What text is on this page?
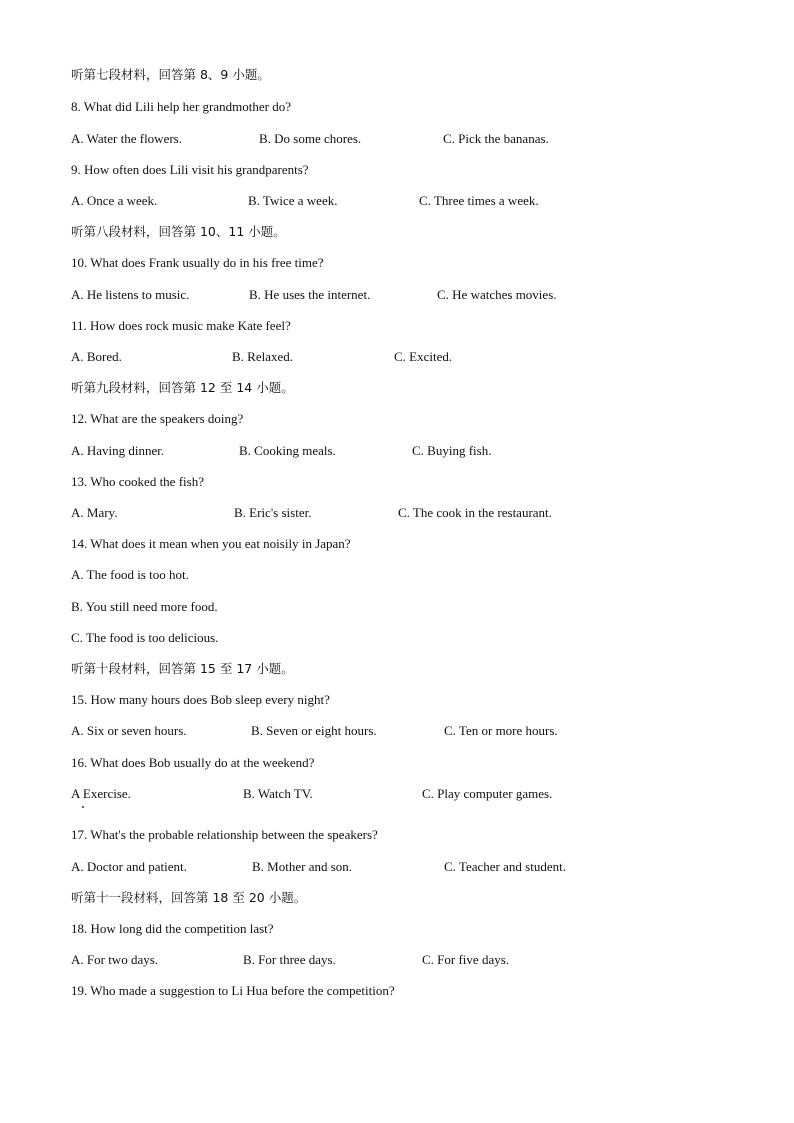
听第七段材料，回答第 8、9 小题。
8. What did Lili help her grandmother do?
A. Water the flowers.	B. Do some chores.	C. Pick the bananas.
9. How often does Lili visit his grandparents?
A. Once a week.	B. Twice a week.	C. Three times a week.
听第八段材料，回答第 10、11 小题。
10. What does Frank usually do in his free time?
A. He listens to music.	B. He uses the internet.	C. He watches movies.
11. How does rock music make Kate feel?
A. Bored.	B. Relaxed.	C. Excited.
听第九段材料，回答第 12 至 14 小题。
12. What are the speakers doing?
A. Having dinner.	B. Cooking meals.	C. Buying fish.
13. Who cooked the fish?
A. Mary.	B. Eric's sister.	C. The cook in the restaurant.
14. What does it mean when you eat noisily in Japan?
A. The food is too hot.
B. You still need more food.
C. The food is too delicious.
听第十段材料，回答第 15 至 17 小题。
15. How many hours does Bob sleep every night?
A. Six or seven hours.	B. Seven or eight hours.	C. Ten or more hours.
16. What does Bob usually do at the weekend?
A Exercise.	B. Watch TV.	C. Play computer games.
17. What's the probable relationship between the speakers?
A. Doctor and patient.	B. Mother and son.	C. Teacher and student.
听第十一段材料，回答第 18 至 20 小题。
18. How long did the competition last?
A. For two days.	B. For three days.	C. For five days.
19. Who made a suggestion to Li Hua before the competition?
